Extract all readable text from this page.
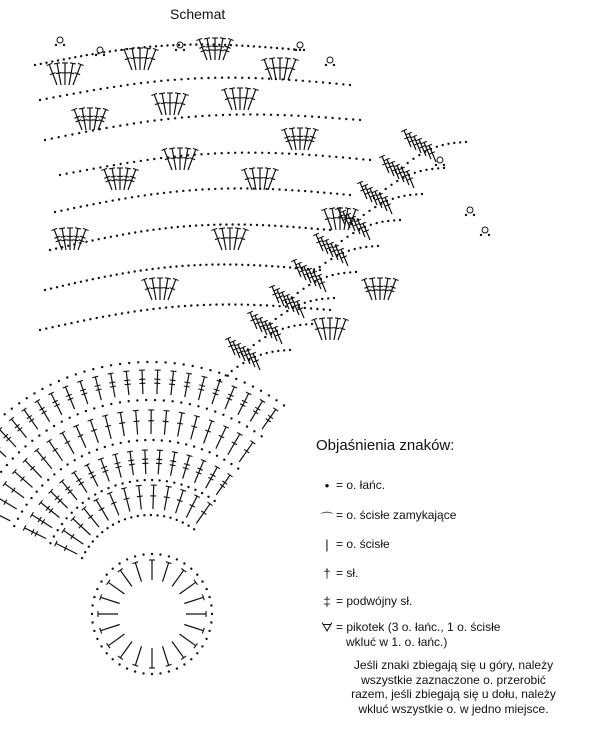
Schemat
Objaśnienia znaków:
• = o. łańc.
⌒ = o. ścisłe zamykające
| = o. ścisłe
† = sł.
‡ = podwójny sł.
ᗊ = pikotek (3 o. łańc., 1 o. ścisłe
wkluć w 1. o. łańc.)
Jeśli znaki zbiegają się u góry, należy
wszystkie zaznaczone o. przerobić
razem, jeśli zbiegają się u dołu, należy
wkluć wszystkie o. w jedno miejsce.
